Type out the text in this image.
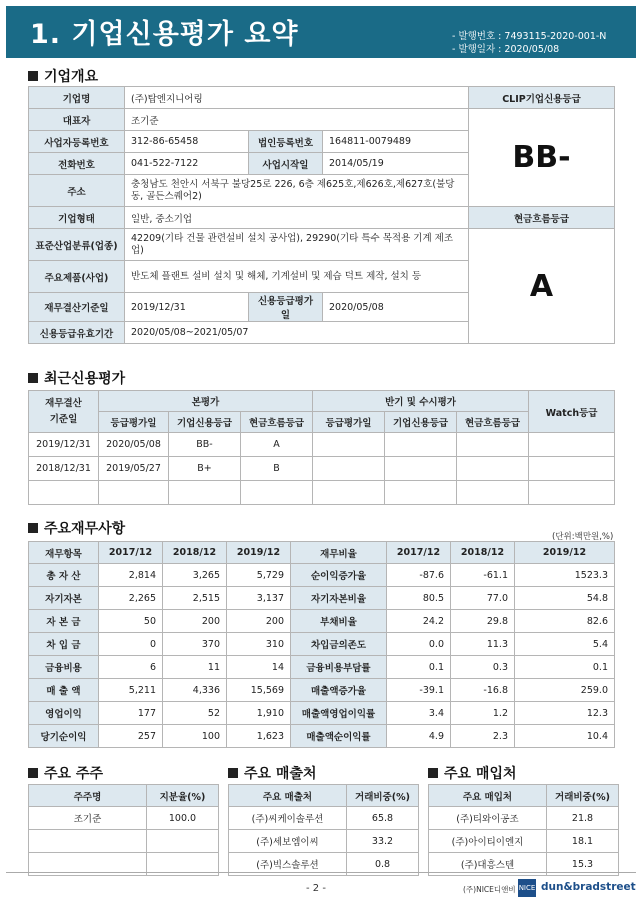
1. 기업신용평가 요약	- 발행번호 : 7493115-2020-001-N
- 발행일자 : 2020/05/08
기업개요
기업명	(주)탑엔지니어링			CLIP기업신용등급
대표자	조기준			BB-
사업자등록번호	312-86-65458	법인등록번호	164811-0079489	
전화번호	041-522-7122	사업시작일	2014/05/19	
주소	충청남도 천안시 서북구 불당25로 226, 6층 제625호,제626호,제627호(불당동, 골든스퀘어2)			
기업형태	일반, 중소기업			현금흐름등급
표준산업분류(업종)	42209(기타 건물 관련설비 설치 공사업), 29290(기타 특수 목적용 기계 제조업)			A
주요제품(사업)	반도체 플랜트 설비 설치 및 해체, 기계설비 및 제습 덕트 제작, 설치 등			
재무결산기준일	2019/12/31	신용등급평가일	2020/05/08	
신용등급유효기간	2020/05/08~2021/05/07			
최근신용평가
재무결산
기준일	본평가			반기 및 수시평가			Watch등급
	등급평가일	기업신용등급	현금흐름등급	등급평가일	기업신용등급	현금흐름등급	
2019/12/31	2020/05/08	BB-	A				
2018/12/31	2019/05/27	B+	B				

주요재무사항	(단위:백만원,%)
재무항목	2017/12	2018/12	2019/12	재무비율	2017/12	2018/12	2019/12
총 자 산	2,814	3,265	5,729	순이익증가율	-87.6	-61.1	1523.3
자기자본	2,265	2,515	3,137	자기자본비율	80.5	77.0	54.8
자 본 금	50	200	200	부채비율	24.2	29.8	82.6
차 입 금	0	370	310	차입금의존도	0.0	11.3	5.4
금융비용	6	11	14	금융비용부담률	0.1	0.3	0.1
매 출 액	5,211	4,336	15,569	매출액증가율	-39.1	-16.8	259.0
영업이익	177	52	1,910	매출액영업이익률	3.4	1.2	12.3
당기순이익	257	100	1,623	매출액순이익률	4.9	2.3	10.4
주요 주주
주주명	지분율(%)
조기준	100.0

주요 매출처
주요 매출처	거래비중(%)
(주)씨케이솔루션	65.8
(주)세보엠이씨	33.2
(주)빅스솔루션	0.8
주요 매입처
주요 매입처	거래비중(%)
(주)티와이공조	21.8
(주)아이티이엔지	18.1
(주)대흥스텐	15.3
- 2 -	(주)NICE디앤비 NICE dun&bradstreet
